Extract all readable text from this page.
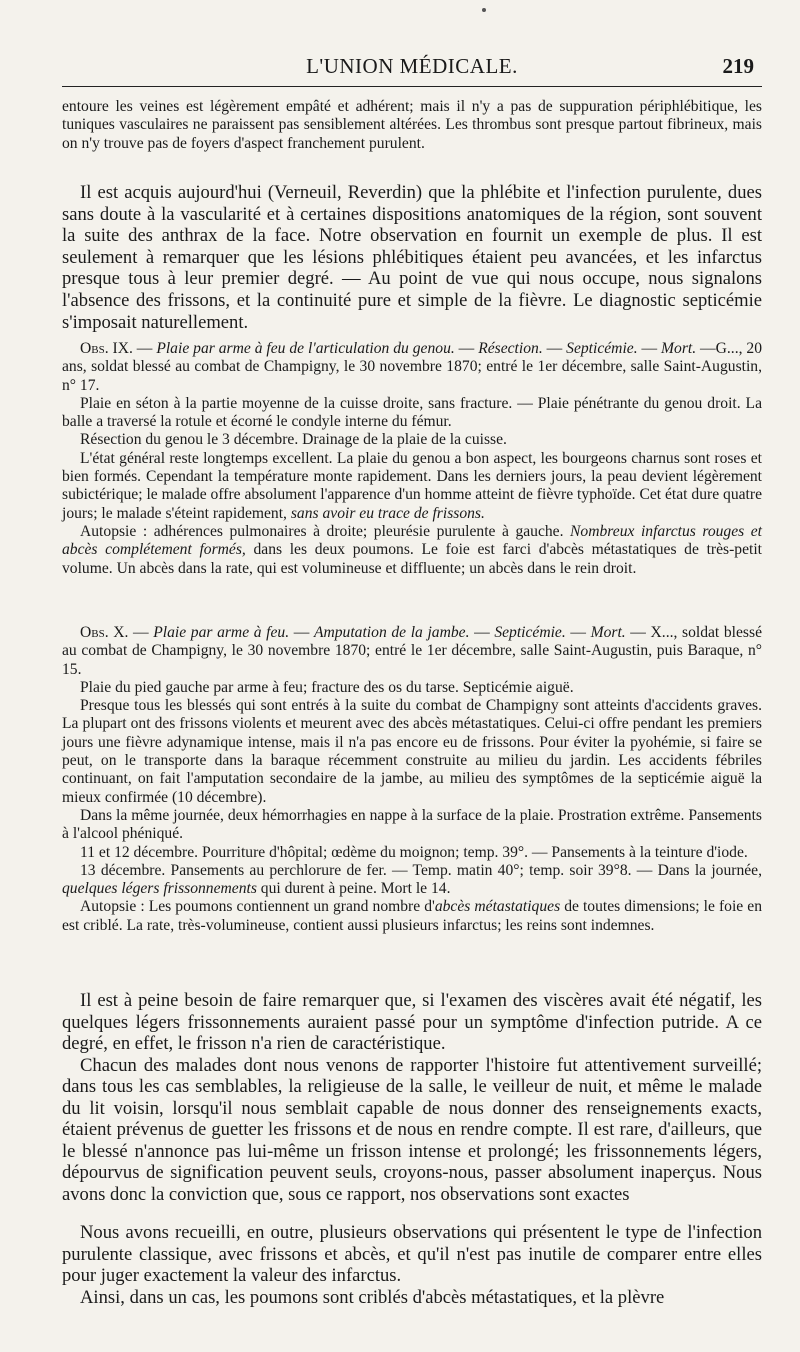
L'UNION MÉDICALE.	219

entoure les veines est légèrement empâté et adhérent; mais il n'y a pas de suppuration périphlébitique, les tuniques vasculaires ne paraissent pas sensiblement altérées. Les thrombus sont presque partout fibrineux, mais on n'y trouve pas de foyers d'aspect franchement purulent.

Il est acquis aujourd'hui (Verneuil, Reverdin) que la phlébite et l'infection purulente, dues sans doute à la vascularité et à certaines dispositions anatomiques de la région, sont souvent la suite des anthrax de la face. Notre observation en fournit un exemple de plus. Il est seulement à remarquer que les lésions phlébitiques étaient peu avancées, et les infarctus presque tous à leur premier degré. — Au point de vue qui nous occupe, nous signalons l'absence des frissons, et la continuité pure et simple de la fièvre. Le diagnostic septicémie s'imposait naturellement.

Obs. IX. — Plaie par arme à feu de l'articulation du genou. — Résection. — Septicémie. — Mort. —G..., 20 ans, soldat blessé au combat de Champigny, le 30 novembre 1870; entré le 1er décembre, salle Saint-Augustin, n° 17.

Plaie en séton à la partie moyenne de la cuisse droite, sans fracture. — Plaie pénétrante du genou droit. La balle a traversé la rotule et écorné le condyle interne du fémur.

Résection du genou le 3 décembre. Drainage de la plaie de la cuisse.

L'état général reste longtemps excellent. La plaie du genou a bon aspect, les bourgeons charnus sont roses et bien formés. Cependant la température monte rapidement. Dans les derniers jours, la peau devient légèrement subictérique; le malade offre absolument l'apparence d'un homme atteint de fièvre typhoïde. Cet état dure quatre jours; le malade s'éteint rapidement, sans avoir eu trace de frissons.

Autopsie : adhérences pulmonaires à droite; pleurésie purulente à gauche. Nombreux infarctus rouges et abcès complétement formés, dans les deux poumons. Le foie est farci d'abcès métastatiques de très-petit volume. Un abcès dans la rate, qui est volumineuse et diffluente; un abcès dans le rein droit.

Obs. X. — Plaie par arme à feu. — Amputation de la jambe. — Septicémie. — Mort. — X..., soldat blessé au combat de Champigny, le 30 novembre 1870; entré le 1er décembre, salle Saint-Augustin, puis Baraque, n° 15.

Plaie du pied gauche par arme à feu; fracture des os du tarse. Septicémie aiguë.

Presque tous les blessés qui sont entrés à la suite du combat de Champigny sont atteints d'accidents graves. La plupart ont des frissons violents et meurent avec des abcès métastatiques. Celui-ci offre pendant les premiers jours une fièvre adynamique intense, mais il n'a pas encore eu de frissons. Pour éviter la pyohémie, si faire se peut, on le transporte dans la baraque récemment construite au milieu du jardin. Les accidents fébriles continuant, on fait l'amputation secondaire de la jambe, au milieu des symptômes de la septicémie aiguë la mieux confirmée (10 décembre).

Dans la même journée, deux hémorrhagies en nappe à la surface de la plaie. Prostration extrême. Pansements à l'alcool phéniqué.

11 et 12 décembre. Pourriture d'hôpital; œdème du moignon; temp. 39°. — Pansements à la teinture d'iode.

13 décembre. Pansements au perchlorure de fer. — Temp. matin 40°; temp. soir 39°8. — Dans la journée, quelques légers frissonnements qui durent à peine. Mort le 14.

Autopsie : Les poumons contiennent un grand nombre d'abcès métastatiques de toutes dimensions; le foie en est criblé. La rate, très-volumineuse, contient aussi plusieurs infarctus; les reins sont indemnes.

Il est à peine besoin de faire remarquer que, si l'examen des viscères avait été négatif, les quelques légers frissonnements auraient passé pour un symptôme d'infection putride. A ce degré, en effet, le frisson n'a rien de caractéristique.

Chacun des malades dont nous venons de rapporter l'histoire fut attentivement surveillé; dans tous les cas semblables, la religieuse de la salle, le veilleur de nuit, et même le malade du lit voisin, lorsqu'il nous semblait capable de nous donner des renseignements exacts, étaient prévenus de guetter les frissons et de nous en rendre compte. Il est rare, d'ailleurs, que le blessé n'annonce pas lui-même un frisson intense et prolongé; les frissonnements légers, dépourvus de signification peuvent seuls, croyons-nous, passer absolument inaperçus. Nous avons donc la conviction que, sous ce rapport, nos observations sont exactes

Nous avons recueilli, en outre, plusieurs observations qui présentent le type de l'infection purulente classique, avec frissons et abcès, et qu'il n'est pas inutile de comparer entre elles pour juger exactement la valeur des infarctus.

Ainsi, dans un cas, les poumons sont criblés d'abcès métastatiques, et la plèvre
